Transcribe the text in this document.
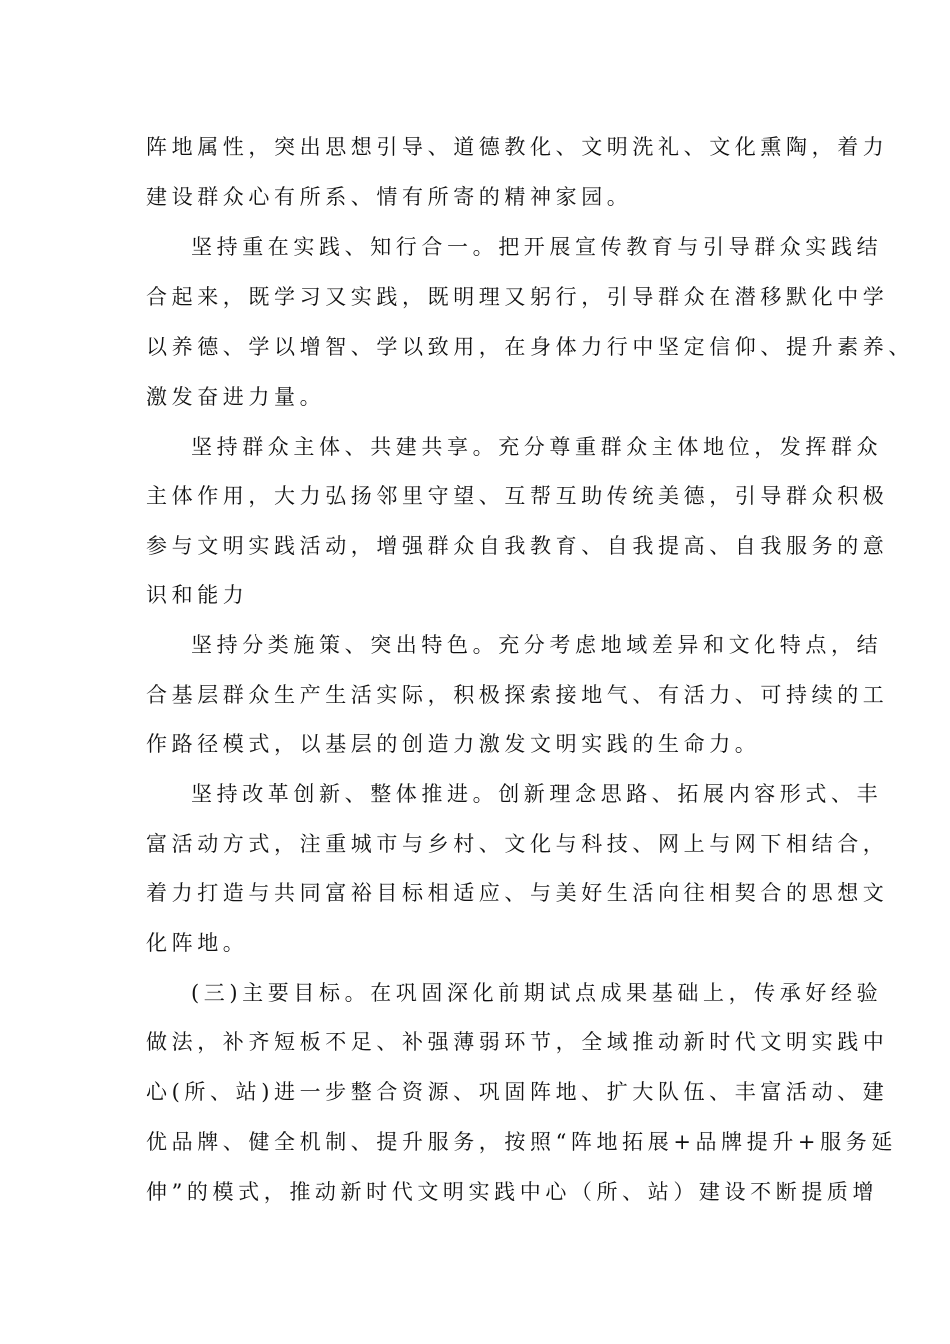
阵地属性，突出思想引导、道德教化、文明洗礼、文化熏陶，着力
建设群众心有所系、情有所寄的精神家园。
坚持重在实践、知行合一。把开展宣传教育与引导群众实践结
合起来，既学习又实践，既明理又躬行，引导群众在潜移默化中学
以养德、学以增智、学以致用，在身体力行中坚定信仰、提升素养、
激发奋进力量。
坚持群众主体、共建共享。充分尊重群众主体地位，发挥群众
主体作用，大力弘扬邻里守望、互帮互助传统美德，引导群众积极
参与文明实践活动，增强群众自我教育、自我提高、自我服务的意
识和能力
坚持分类施策、突出特色。充分考虑地域差异和文化特点，结
合基层群众生产生活实际，积极探索接地气、有活力、可持续的工
作路径模式，以基层的创造力激发文明实践的生命力。
坚持改革创新、整体推进。创新理念思路、拓展内容形式、丰
富活动方式，注重城市与乡村、文化与科技、网上与网下相结合，
着力打造与共同富裕目标相适应、与美好生活向往相契合的思想文
化阵地。
(三)主要目标。在巩固深化前期试点成果基础上，传承好经验
做法，补齐短板不足、补强薄弱环节，全域推动新时代文明实践中
心(所、站)进一步整合资源、巩固阵地、扩大队伍、丰富活动、建
优品牌、健全机制、提升服务，按照“阵地拓展+品牌提升+服务延
伸”的模式，推动新时代文明实践中心（所、站）建设不断提质增
